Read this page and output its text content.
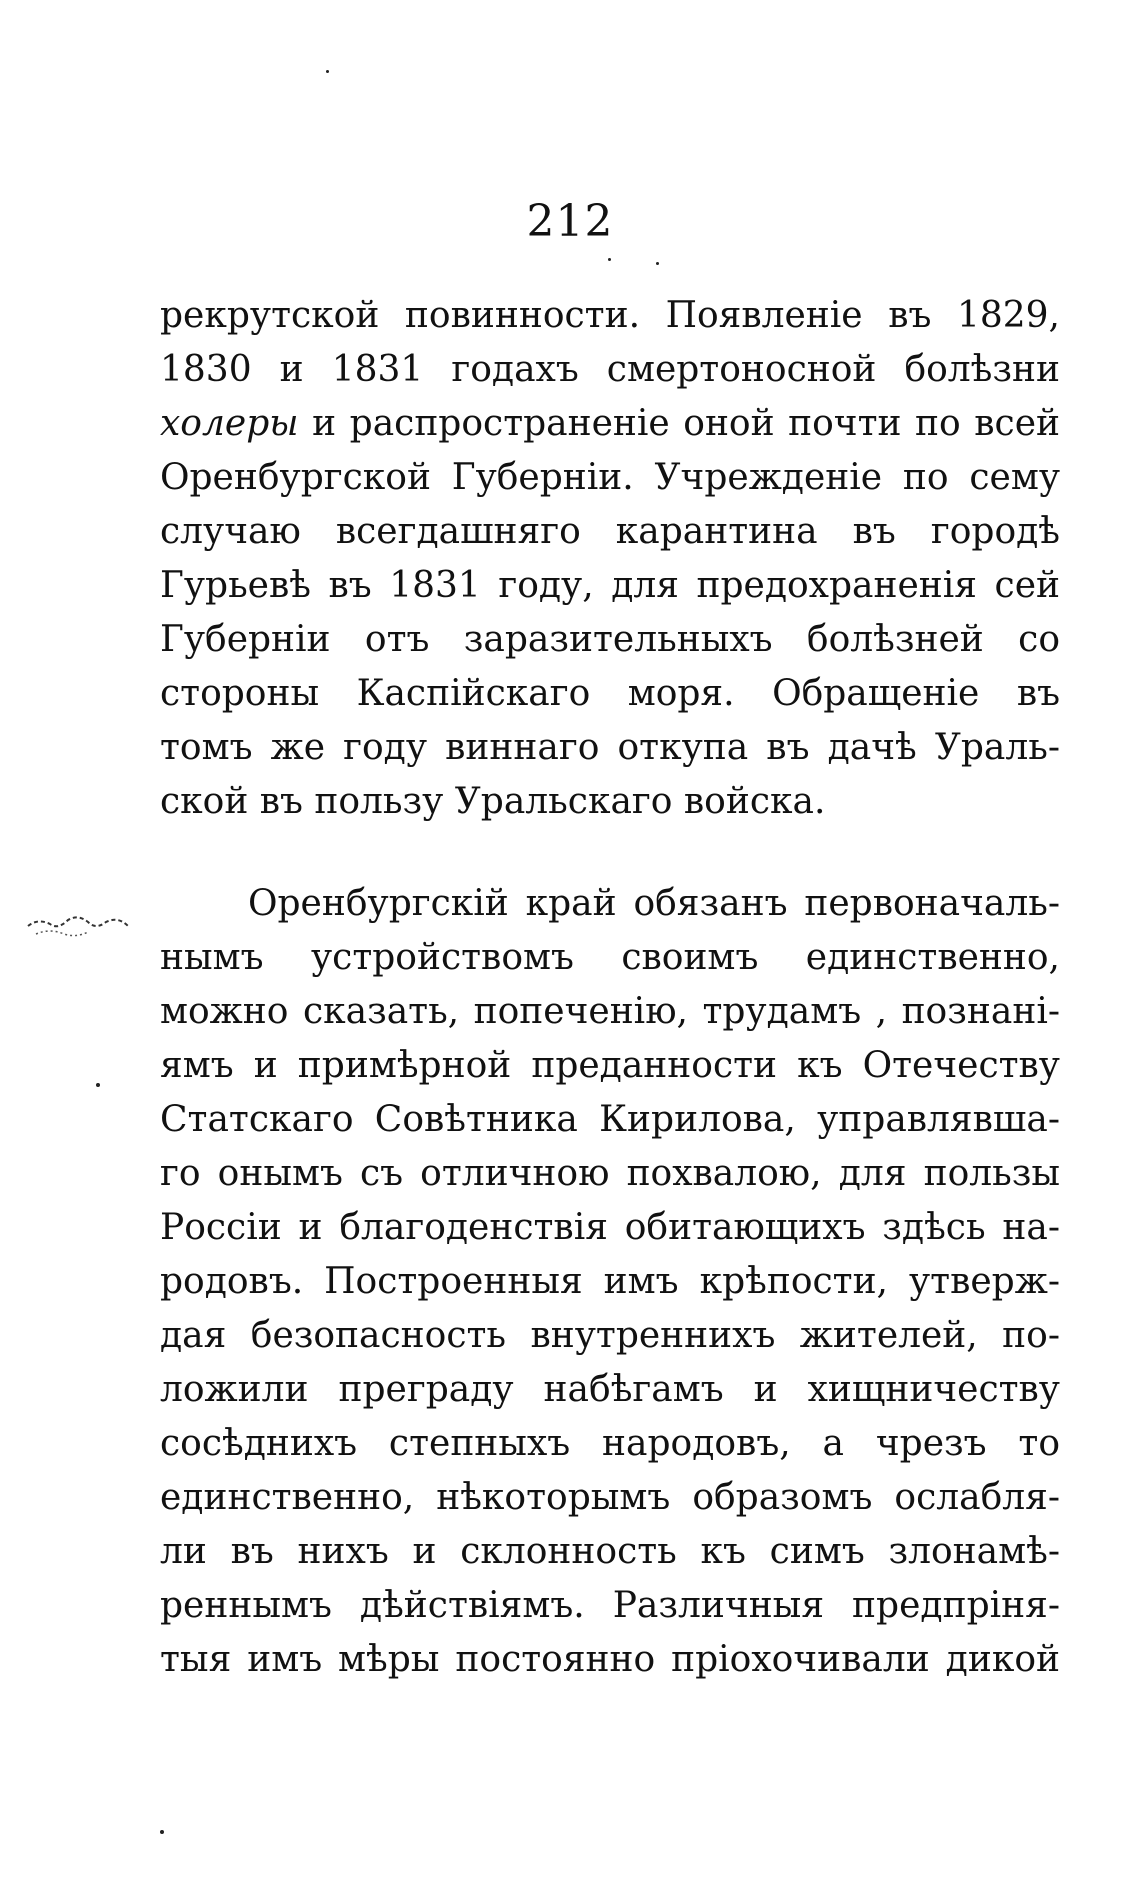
212
рекрутской повинности. Появленіе въ 1829,
1830 и 1831 годахъ смертоносной болѣзни
холеры и распространеніе оной почти по всей
Оренбургской Губерніи. Учрежденіе по сему
случаю всегдашняго карантина въ городѣ
Гурьевѣ въ 1831 году, для предохраненія сей
Губерніи отъ заразительныхъ болѣзней со
стороны Каспійскаго моря. Обращеніе въ
томъ же году виннаго откупа въ дачѣ Ураль-
ской въ пользу Уральскаго войска.
Оренбургскій край обязанъ первоначаль-
нымъ устройствомъ своимъ единственно,
можно сказать, попеченію, трудамъ , познані-
ямъ и примѣрной преданности къ Отечеству
Статскаго Совѣтника Кирилова, управлявша-
го онымъ съ отличною похвалою, для пользы
Россіи и благоденствія обитающихъ здѣсь на-
родовъ. Построенныя имъ крѣпости, утверж-
дая безопасность внутреннихъ жителей, по-
ложили преграду набѣгамъ и хищничеству
сосѣднихъ степныхъ народовъ, а чрезъ то
единственно, нѣкоторымъ образомъ ослабля-
ли въ нихъ и склонность къ симъ злонамѣ-
реннымъ дѣйствіямъ. Различныя предпріня-
тыя имъ мѣры постоянно пріохочивали дикой
